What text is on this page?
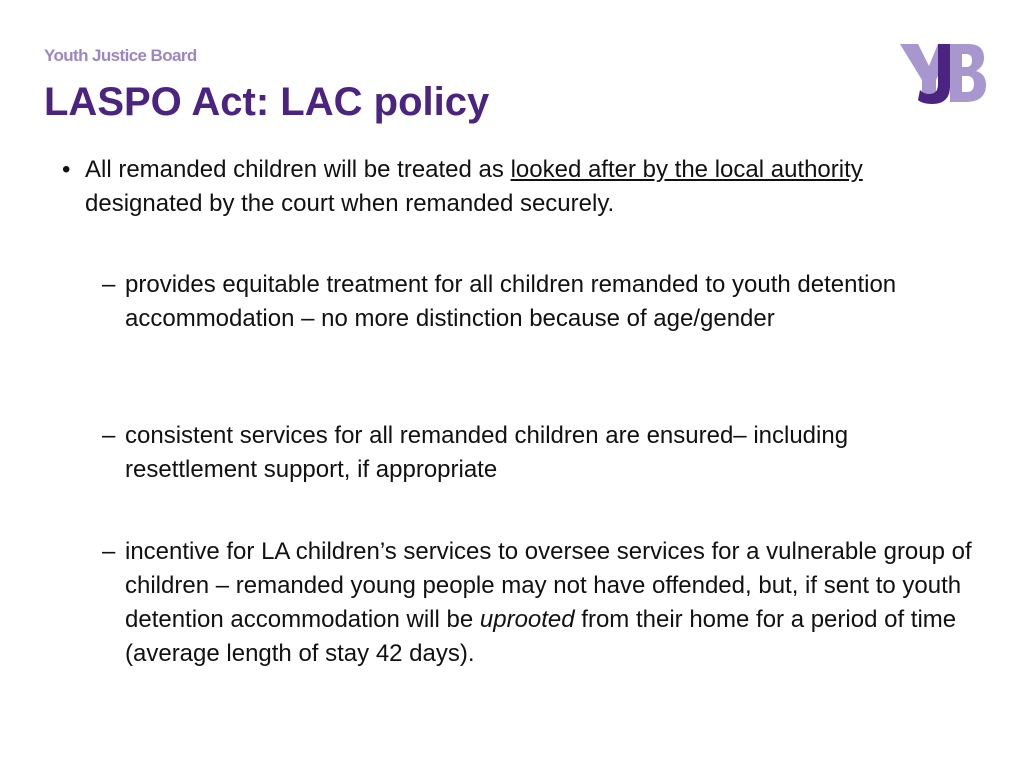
Youth Justice Board
LASPO Act: LAC policy
• All remanded children will be treated as looked after by the local authority designated by the court when remanded securely.
– provides equitable treatment for all children remanded to youth detention accommodation – no more distinction because of age/gender
– consistent services for all remanded children are ensured– including resettlement support, if appropriate
– incentive for LA children’s services to oversee services for a vulnerable group of children – remanded young people may not have offended, but, if sent to youth detention accommodation will be uprooted from their home for a period of time (average length of stay 42 days).
